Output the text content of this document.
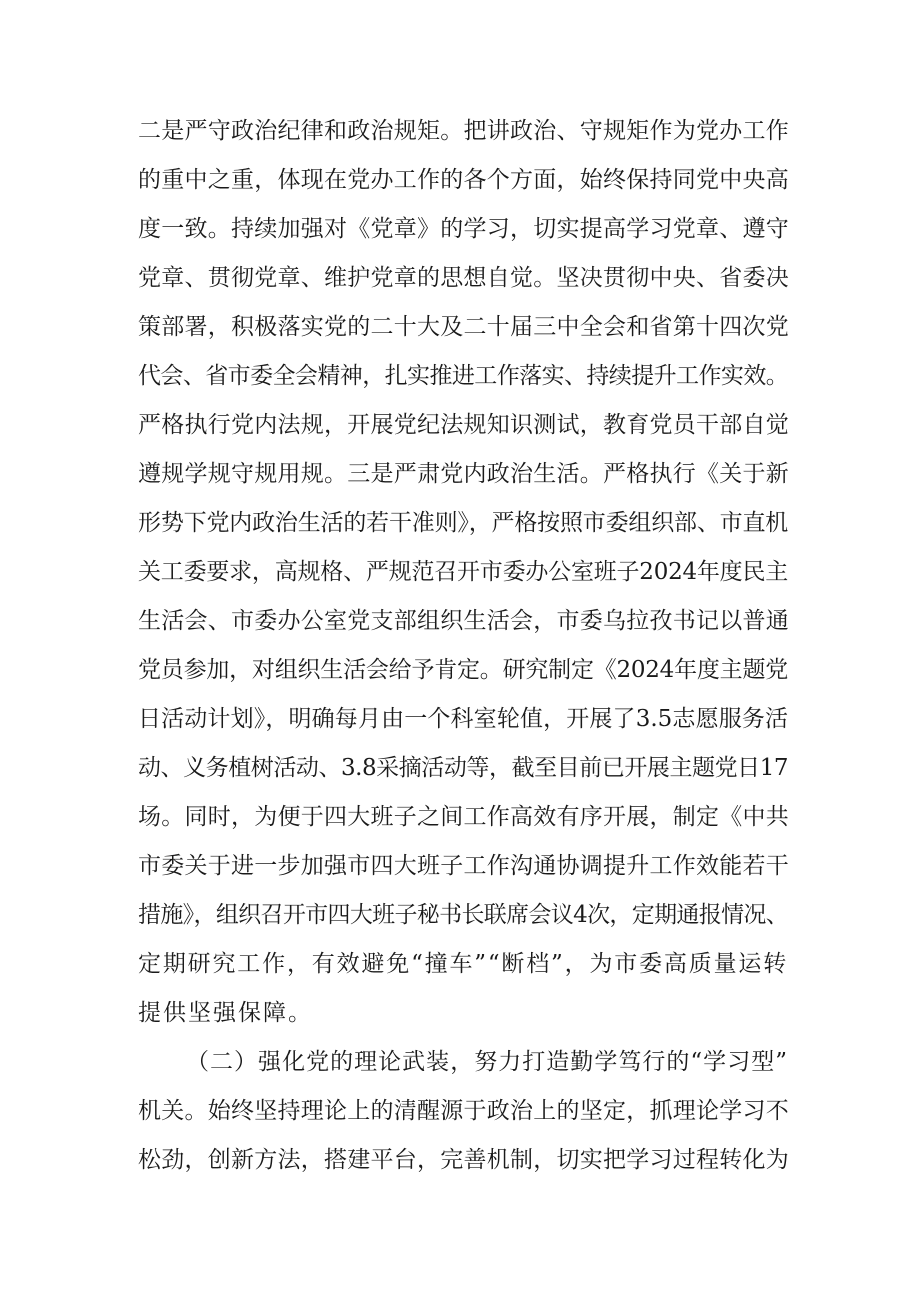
二是严守政治纪律和政治规矩。把讲政治、守规矩作为党办工作
的重中之重，体现在党办工作的各个方面，始终保持同党中央高
度一致。持续加强对《党章》的学习，切实提高学习党章、遵守
党章、贯彻党章、维护党章的思想自觉。坚决贯彻中央、省委决
策部署，积极落实党的二十大及二十届三中全会和省第十四次党
代会、省市委全会精神，扎实推进工作落实、持续提升工作实效。
严格执行党内法规，开展党纪法规知识测试，教育党员干部自觉
遵规学规守规用规。三是严肃党内政治生活。严格执行《关于新
形势下党内政治生活的若干准则》，严格按照市委组织部、市直机
关工委要求，高规格、严规范召开市委办公室班子2024年度民主
生活会、市委办公室党支部组织生活会，市委乌拉孜书记以普通
党员参加，对组织生活会给予肯定。研究制定《2024年度主题党
日活动计划》，明确每月由一个科室轮值，开展了3.5志愿服务活
动、义务植树活动、3.8采摘活动等，截至目前已开展主题党日17
场。同时，为便于四大班子之间工作高效有序开展，制定《中共
市委关于进一步加强市四大班子工作沟通协调提升工作效能若干
措施》，组织召开市四大班子秘书长联席会议4次，定期通报情况、
定期研究工作，有效避免“撞车”“断档”，为市委高质量运转
提供坚强保障。
（二）强化党的理论武装，努力打造勤学笃行的“学习型”
机关。始终坚持理论上的清醒源于政治上的坚定，抓理论学习不
松劲，创新方法，搭建平台，完善机制，切实把学习过程转化为
